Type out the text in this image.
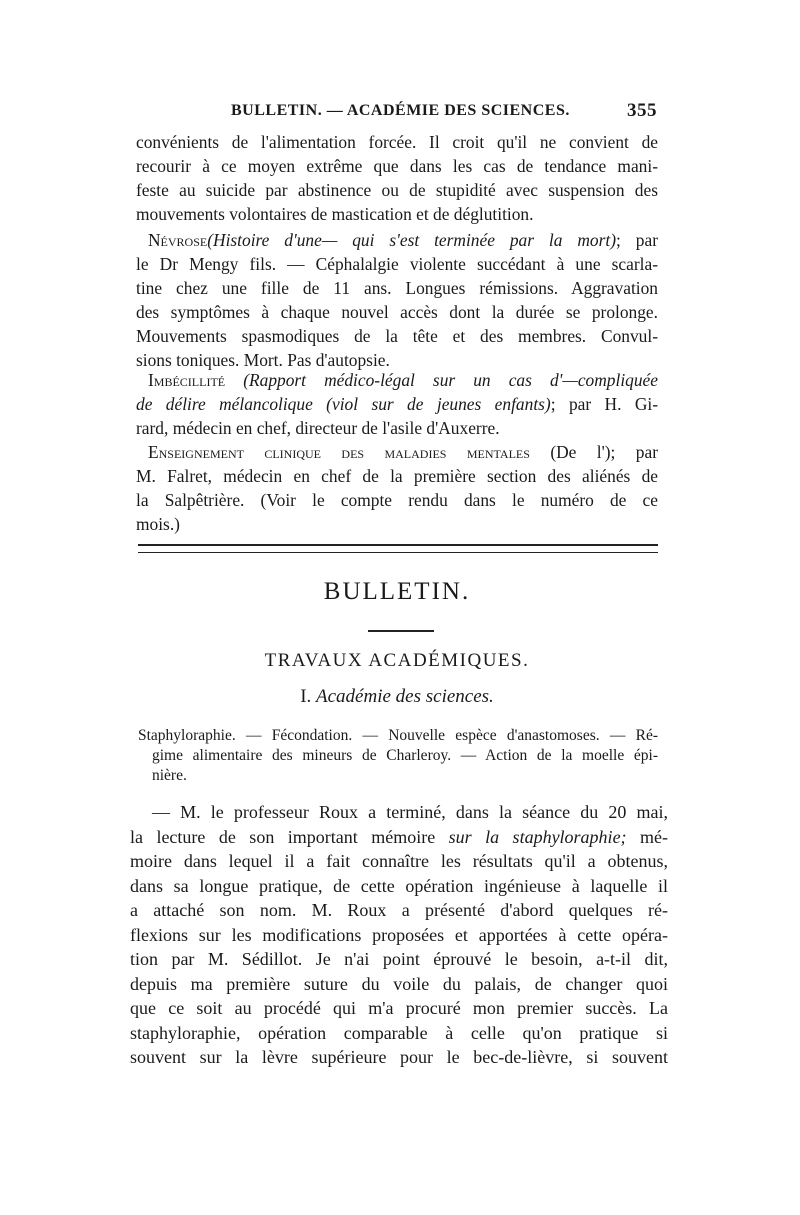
BULLETIN. — ACADÉMIE DES SCIENCES.	355
convénients de l'alimentation forcée. Il croit qu'il ne convient de
recourir à ce moyen extrême que dans les cas de tendance mani-
feste au suicide par abstinence ou de stupidité avec suspension des
mouvements volontaires de mastication et de déglutition.
Névrose(Histoire d'une— qui s'est terminée par la mort); par
le Dr Mengy fils. — Céphalalgie violente succédant à une scarla-
tine chez une fille de 11 ans. Longues rémissions. Aggravation
des symptômes à chaque nouvel accès dont la durée se prolonge.
Mouvements spasmodiques de la tête et des membres. Convul-
sions toniques. Mort. Pas d'autopsie.
Imbécillité (Rapport médico-légal sur un cas d'—compliquée
de délire mélancolique (viol sur de jeunes enfants); par H. Gi-
rard, médecin en chef, directeur de l'asile d'Auxerre.
Enseignement clinique des maladies mentales (De l'); par
M. Falret, médecin en chef de la première section des aliénés de
la Salpêtrière. (Voir le compte rendu dans le numéro de ce
mois.)
BULLETIN.
TRAVAUX ACADÉMIQUES.
I. Académie des sciences.
Staphyloraphie. — Fécondation. — Nouvelle espèce d'anastomoses. — Ré-
gime alimentaire des mineurs de Charleroy. — Action de la moelle épi-
nière.
— M. le professeur Roux a terminé, dans la séance du 20 mai,
la lecture de son important mémoire sur la staphyloraphie; mé-
moire dans lequel il a fait connaître les résultats qu'il a obtenus,
dans sa longue pratique, de cette opération ingénieuse à laquelle il
a attaché son nom. M. Roux a présenté d'abord quelques ré-
flexions sur les modifications proposées et apportées à cette opéra-
tion par M. Sédillot. Je n'ai point éprouvé le besoin, a-t-il dit,
depuis ma première suture du voile du palais, de changer quoi
que ce soit au procédé qui m'a procuré mon premier succès. La
staphyloraphie, opération comparable à celle qu'on pratique si
souvent sur la lèvre supérieure pour le bec-de-lièvre, si souvent
